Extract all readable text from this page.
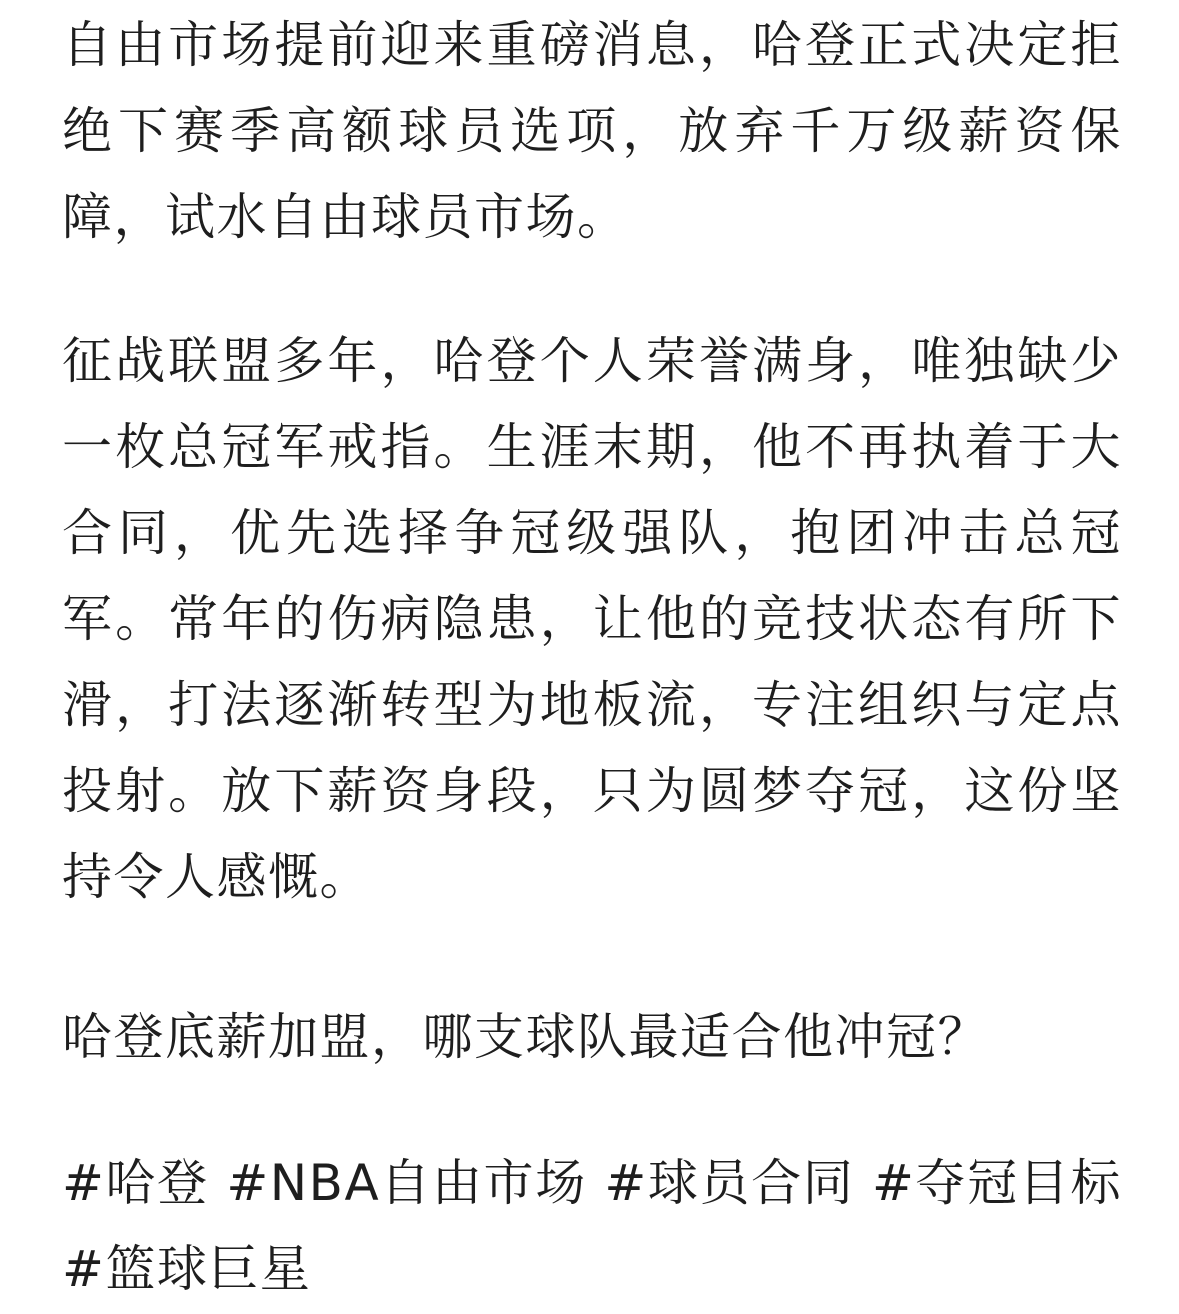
自由市场提前迎来重磅消息，哈登正式决定拒绝下赛季高额球员选项，放弃千万级薪资保障，试水自由球员市场。

征战联盟多年，哈登个人荣誉满身，唯独缺少一枚总冠军戒指。生涯末期，他不再执着于大合同，优先选择争冠级强队，抱团冲击总冠军。常年的伤病隐患，让他的竞技状态有所下滑，打法逐渐转型为地板流，专注组织与定点投射。放下薪资身段，只为圆梦夺冠，这份坚持令人感慨。

哈登底薪加盟，哪支球队最适合他冲冠？

#哈登 #NBA自由市场 #球员合同 #夺冠目标 #篮球巨星
